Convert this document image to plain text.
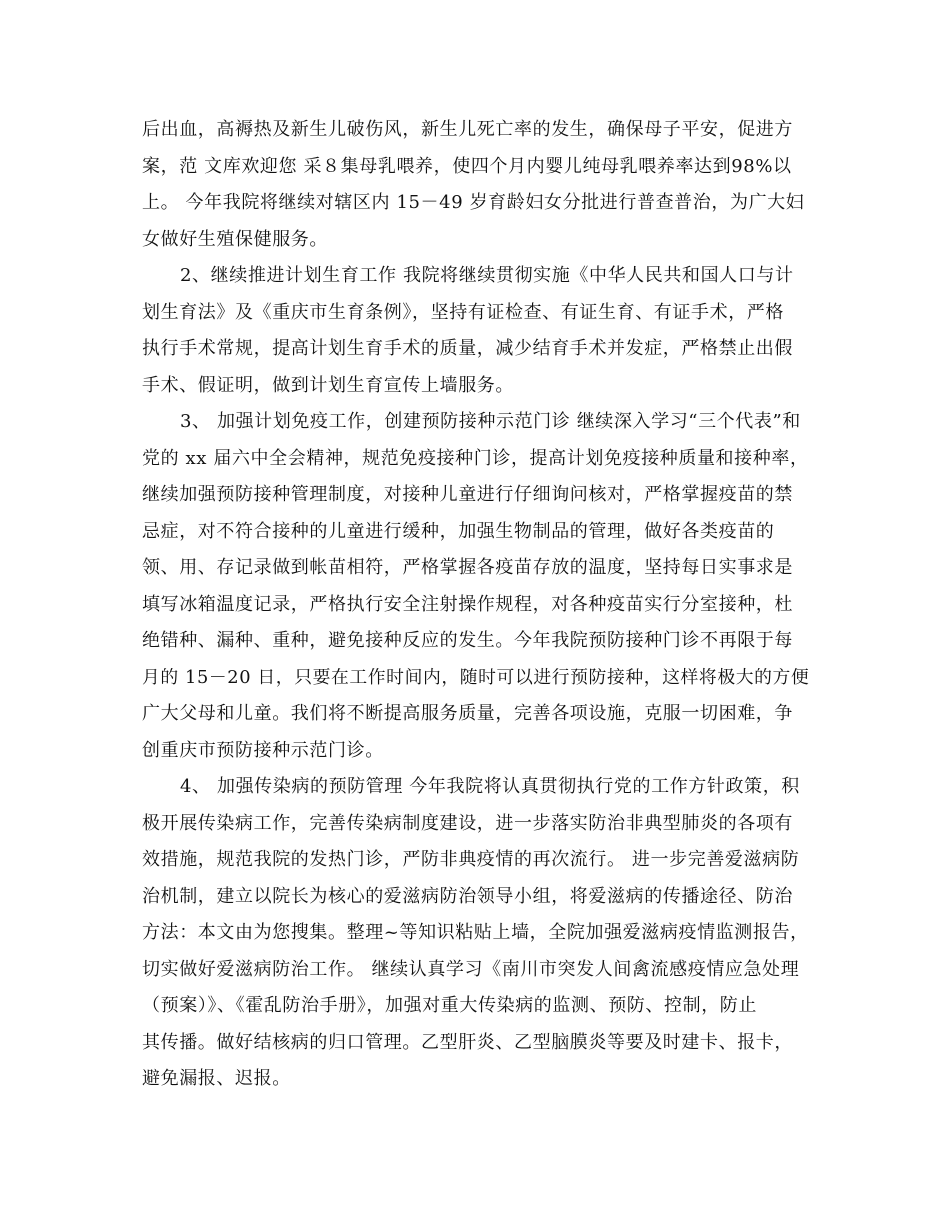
后出血，高褥热及新生儿破伤风，新生儿死亡率的发生，确保母子平安，促进方
案，范 文库欢迎您 采８集母乳喂养，使四个月内婴儿纯母乳喂养率达到98%以
上。 今年我院将继续对辖区内 15－49 岁育龄妇女分批进行普查普治，为广大妇
女做好生殖保健服务。
2、继续推进计划生育工作 我院将继续贯彻实施《中华人民共和国人口与计
划生育法》及《重庆市生育条例》，坚持有证检查、有证生育、有证手术，严格
执行手术常规，提高计划生育手术的质量，减少结育手术并发症，严格禁止出假
手术、假证明，做到计划生育宣传上墙服务。
3、 加强计划免疫工作，创建预防接种示范门诊 继续深入学习“三个代表”和
党的 xx 届六中全会精神，规范免疫接种门诊，提高计划免疫接种质量和接种率，
继续加强预防接种管理制度，对接种儿童进行仔细询问核对，严格掌握疫苗的禁
忌症，对不符合接种的儿童进行缓种，加强生物制品的管理，做好各类疫苗的
领、用、存记录做到帐苗相符，严格掌握各疫苗存放的温度，坚持每日实事求是
填写冰箱温度记录，严格执行安全注射操作规程，对各种疫苗实行分室接种，杜
绝错种、漏种、重种，避免接种反应的发生。今年我院预防接种门诊不再限于每
月的 15－20 日，只要在工作时间内，随时可以进行预防接种，这样将极大的方便
广大父母和儿童。我们将不断提高服务质量，完善各项设施，克服一切困难，争
创重庆市预防接种示范门诊。
4、 加强传染病的预防管理 今年我院将认真贯彻执行党的工作方针政策，积
极开展传染病工作，完善传染病制度建设，进一步落实防治非典型肺炎的各项有
效措施，规范我院的发热门诊，严防非典疫情的再次流行。 进一步完善爱滋病防
治机制，建立以院长为核心的爱滋病防治领导小组，将爱滋病的传播途径、防治
方法：本文由为您搜集。整理~等知识粘贴上墙，全院加强爱滋病疫情监测报告，
切实做好爱滋病防治工作。 继续认真学习《南川市突发人间禽流感疫情应急处理
（预案）》、《霍乱防治手册》，加强对重大传染病的监测、预防、控制，防止
其传播。做好结核病的归口管理。乙型肝炎、乙型脑膜炎等要及时建卡、报卡，
避免漏报、迟报。
